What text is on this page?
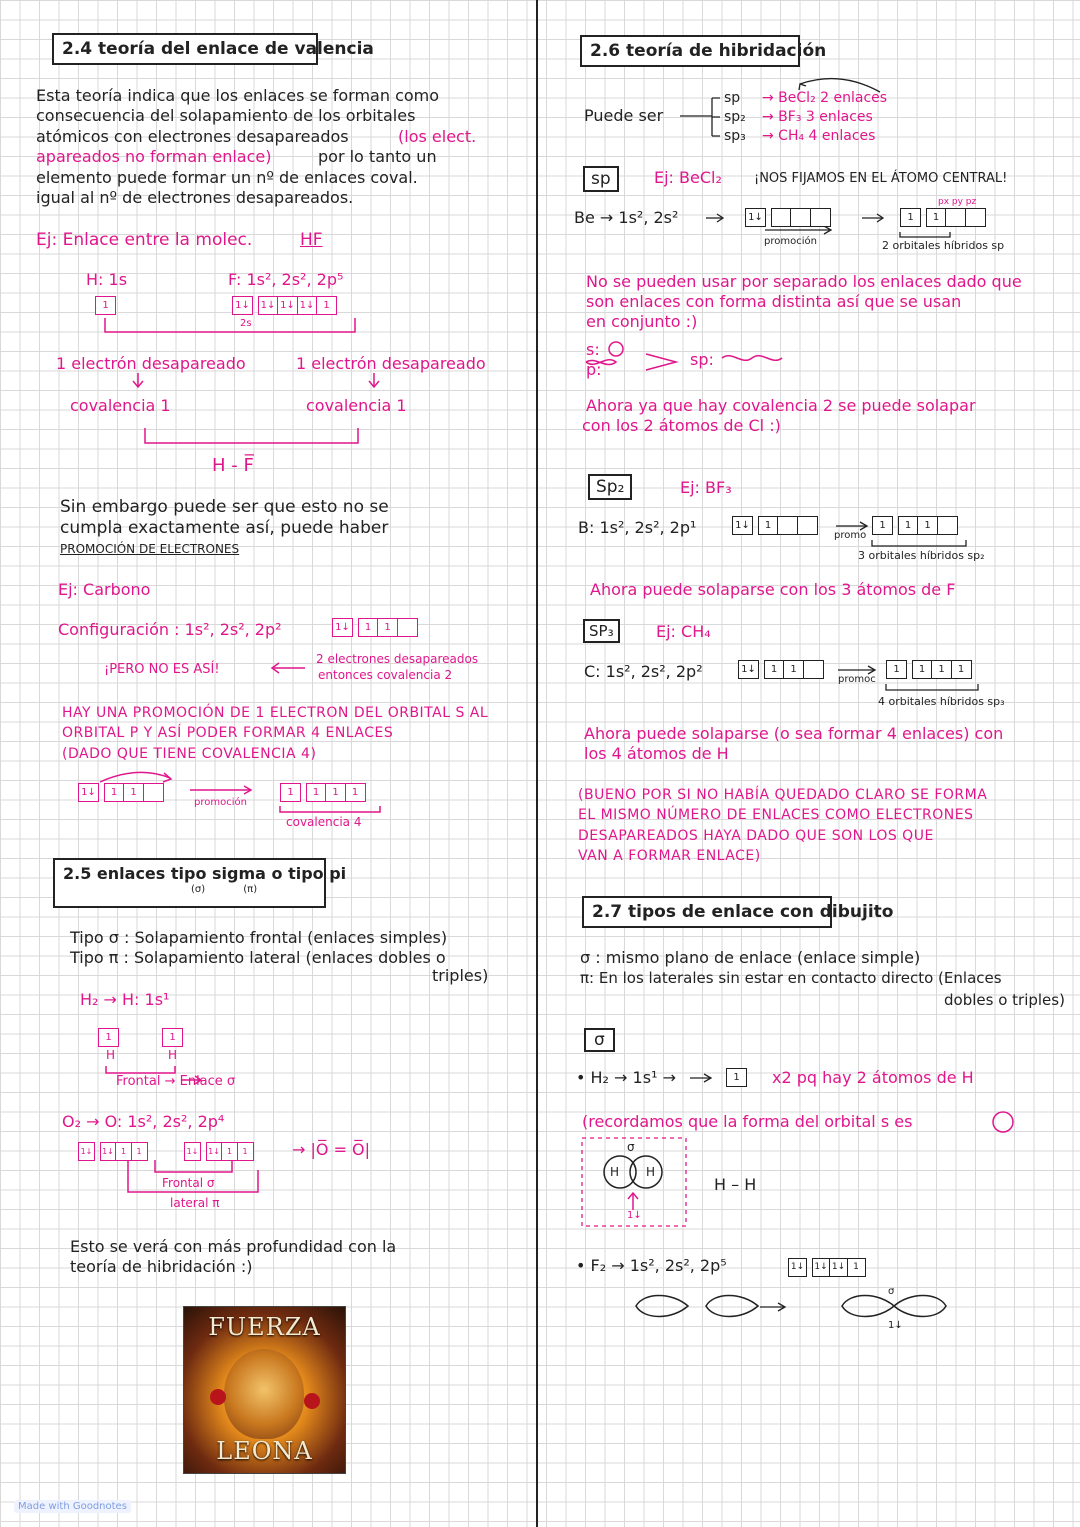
2.4 teoría del enlace de valencia
Esta teoría indica que los enlaces se forman como
consecuencia del solapamiento de los orbitales
atómicos con electrones desapareados	(los elect.
apareados no forman enlace)	por lo tanto un
elemento puede formar un nº de enlaces coval.
igual al nº de electrones desapareados.
Ej: Enlace entre la molec.	HF
H: 1s	F: 1s², 2s², 2p⁵
1	1↓	1↓ 1↓ 1↓ 1
2s
1 electrón desapareado	1 electrón desapareado
covalencia 1	covalencia 1
H - F̅
Sin embargo puede ser que esto no se
cumpla exactamente así, puede haber
PROMOCIÓN DE ELECTRONES
Ej: Carbono
Configuración : 1s², 2s², 2p²	1↓	1	1
¡PERO NO ES ASÍ!
2 electrones desapareados
entonces covalencia 2
HAY UNA PROMOCIÓN DE 1 ELECTRON DEL ORBITAL S AL
ORBITAL P Y ASÍ PODER FORMAR 4 ENLACES
(DADO QUE TIENE COVALENCIA 4)
1↓	1	1
promoción
1	1	1	1
covalencia 4
2.5 enlaces tipo sigma o tipo pi
(σ)            (π)
Tipo σ : Solapamiento frontal (enlaces simples)
Tipo π : Solapamiento lateral (enlaces dobles o
triples)
H₂ → H: 1s¹
1	1
H	H
Frontal → Enlace σ
O₂ → O: 1s², 2s², 2p⁴
1↓	1↓ 1	1	1↓	1↓ 1	1	→ |O̅ = O̅|
Frontal σ
lateral π
Esto se verá con más profundidad con la
teoría de hibridación :)
FUERZA
LEONA
2.6 teoría de hibridación
Puede ser
sp
sp₂
sp₃
→ BeCl₂ 2 enlaces
→ BF₃ 3 enlaces
→ CH₄ 4 enlaces
sp	Ej: BeCl₂ ¡NOS FIJAMOS EN EL ÁTOMO CENTRAL!
Be → 1s², 2s²	1↓
promoción
px py pz
1	1
2 orbitales híbridos sp
No se pueden usar por separado los enlaces dado que
son enlaces con forma distinta así que se usan
en conjunto :)
s:
p:
sp:
Ahora ya que hay covalencia 2 se puede solapar
con los 2 átomos de Cl :)
Sp₂	Ej: BF₃
B: 1s², 2s², 2p¹	1↓	1
promo
1	1	1
3 orbitales híbridos sp₂
Ahora puede solaparse con los 3 átomos de F
SP₃	Ej: CH₄
C: 1s², 2s², 2p²	1↓	1	1
promoc
1	1	1	1
4 orbitales híbridos sp₃
Ahora puede solaparse (o sea formar 4 enlaces) con
los 4 átomos de H
(BUENO POR SI NO HABÍA QUEDADO CLARO SE FORMA
EL MISMO NÚMERO DE ENLACES COMO ELECTRONES
DESAPAREADOS HAYA DADO QUE SON LOS QUE
VAN A FORMAR ENLACE)
2.7 tipos de enlace con dibujito
σ : mismo plano de enlace (enlace simple)
π: En los laterales sin estar en contacto directo (Enlaces
dobles o triples)
σ
• H₂ → 1s¹ →	1	x2 pq hay 2 átomos de H
(recordamos que la forma del orbital s es
σ
H H
1↓
H – H
• F₂ → 1s², 2s², 2p⁵	1↓	1↓ 1↓ 1
σ
1↓
Made with Goodnotes
